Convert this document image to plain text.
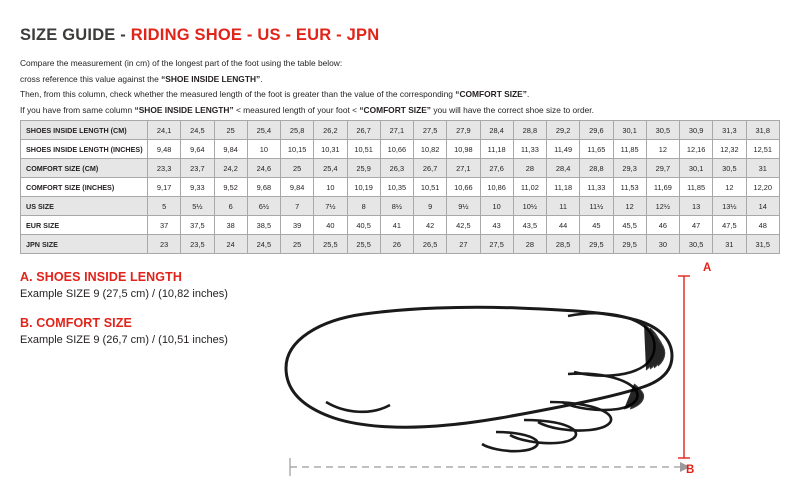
SIZE GUIDE - RIDING SHOE - US - EUR - JPN
Compare the measurement (in cm) of the longest part of the foot using the table below:
cross reference this value against the “SHOE INSIDE LENGTH”.
Then, from this column, check whether the measured length of the foot is greater than the value of the corresponding “COMFORT SIZE”.
If you have from same column “SHOE INSIDE LENGTH” < measured length of your foot < “COMFORT SIZE” you will have the correct shoe size to order.
SHOES INSIDE LENGTH (CM)	24,1	24,5	25	25,4	25,8	26,2	26,7	27,1	27,5	27,9	28,4	28,8	29,2	29,6	30,1	30,5	30,9	31,3	31,8
SHOES INSIDE LENGTH (INCHES)	9,48	9,64	9,84	10	10,15	10,31	10,51	10,66	10,82	10,98	11,18	11,33	11,49	11,65	11,85	12	12,16	12,32	12,51
COMFORT SIZE (CM)	23,3	23,7	24,2	24,6	25	25,4	25,9	26,3	26,7	27,1	27,6	28	28,4	28,8	29,3	29,7	30,1	30,5	31
COMFORT SIZE (INCHES)	9,17	9,33	9,52	9,68	9,84	10	10,19	10,35	10,51	10,66	10,86	11,02	11,18	11,33	11,53	11,69	11,85	12	12,20
US SIZE	5	5½	6	6½	7	7½	8	8½	9	9½	10	10½	11	11½	12	12½	13	13½	14
EUR SIZE	37	37,5	38	38,5	39	40	40,5	41	42	42,5	43	43,5	44	45	45,5	46	47	47,5	48
JPN SIZE	23	23,5	24	24,5	25	25,5	25,5	26	26,5	27	27,5	28	28,5	29,5	29,5	30	30,5	31	31,5
A. SHOES INSIDE LENGTH
Example SIZE 9 (27,5 cm) / (10,82 inches)
B. COMFORT SIZE
Example SIZE 9 (26,7 cm) / (10,51 inches)
A
B
